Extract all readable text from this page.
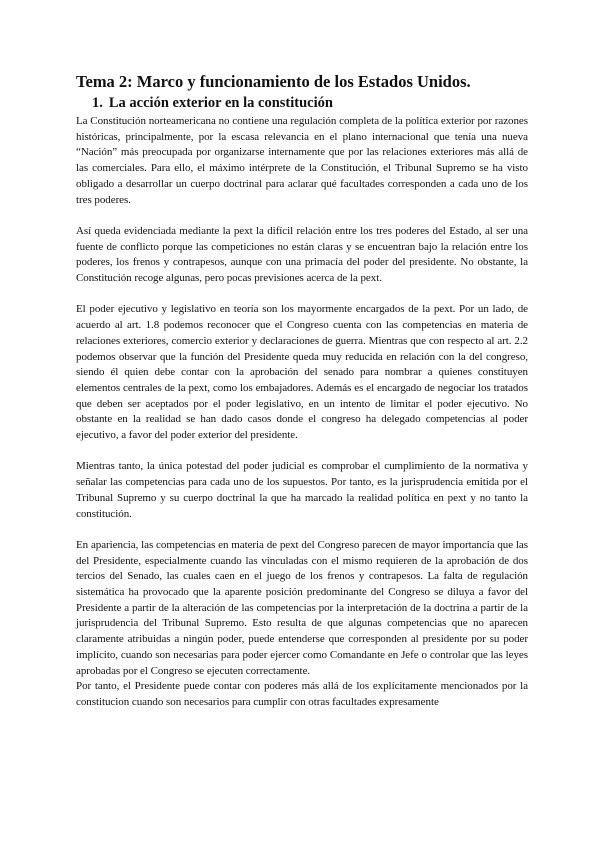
Tema 2: Marco y funcionamiento de los Estados Unidos.
1. La acción exterior en la constitución

La Constitución norteamericana no contiene una regulación completa de la política exterior por razones históricas, principalmente, por la escasa relevancia en el plano internacional que tenía una nueva “Nación” más preocupada por organizarse internamente que por las relaciones exteriores más allá de las comerciales. Para ello, el máximo intérprete de la Constitución, el Tribunal Supremo se ha visto obligado a desarrollar un cuerpo doctrinal para aclarar qué facultades corresponden a cada uno de los tres poderes.

Así queda evidenciada mediante la pext la difícil relación entre los tres poderes del Estado, al ser una fuente de conflicto porque las competiciones no están claras y se encuentran bajo la relación entre los poderes, los frenos y contrapesos, aunque con una primacía del poder del presidente. No obstante, la Constitución recoge algunas, pero pocas previsiones acerca de la pext.

El poder ejecutivo y legislativo en teoría son los mayormente encargados de la pext. Por un lado, de acuerdo al art. 1.8 podemos reconocer que el Congreso cuenta con las competencias en materia de relaciones exteriores, comercio exterior y declaraciones de guerra. Mientras que con respecto al art. 2.2 podemos observar que la función del Presidente queda muy reducida en relación con la del congreso, siendo él quien debe contar con la aprobación del senado para nombrar a quienes constituyen elementos centrales de la pext, como los embajadores. Además es el encargado de negociar los tratados que deben ser aceptados por el poder legislativo, en un intento de limitar el poder ejecutivo. No obstante en la realidad se han dado casos donde el congreso ha delegado competencias al poder ejecutivo, a favor del poder exterior del presidente.

Mientras tanto, la única potestad del poder judicial es comprobar el cumplimiento de la normativa y señalar las competencias para cada uno de los supuestos. Por tanto, es la jurisprudencia emitida por el Tribunal Supremo y su cuerpo doctrinal la que ha marcado la realidad política en pext y no tanto la constitución.

En apariencia, las competencias en materia de pext del Congreso parecen de mayor importancia que las del Presidente, especialmente cuando las vinculadas con el mismo requieren de la aprobación de dos tercios del Senado, las cuales caen en el juego de los frenos y contrapesos. La falta de regulación sistemática ha provocado que la aparente posición predominante del Congreso se diluya a favor del Presidente a partir de la alteración de las competencias por la interpretación de la doctrina a partir de la jurisprudencia del Tribunal Supremo. Esto resulta de que algunas competencias que no aparecen claramente atribuidas a ningún poder, puede entenderse que corresponden al presidente por su poder implícito, cuando son necesarias para poder ejercer como Comandante en Jefe o controlar que las leyes aprobadas por el Congreso se ejecuten correctamente.

Por tanto, el Presidente puede contar con poderes más allá de los explícitamente mencionados por la constitucion cuando son necesarios para cumplir con otras facultades expresamente
